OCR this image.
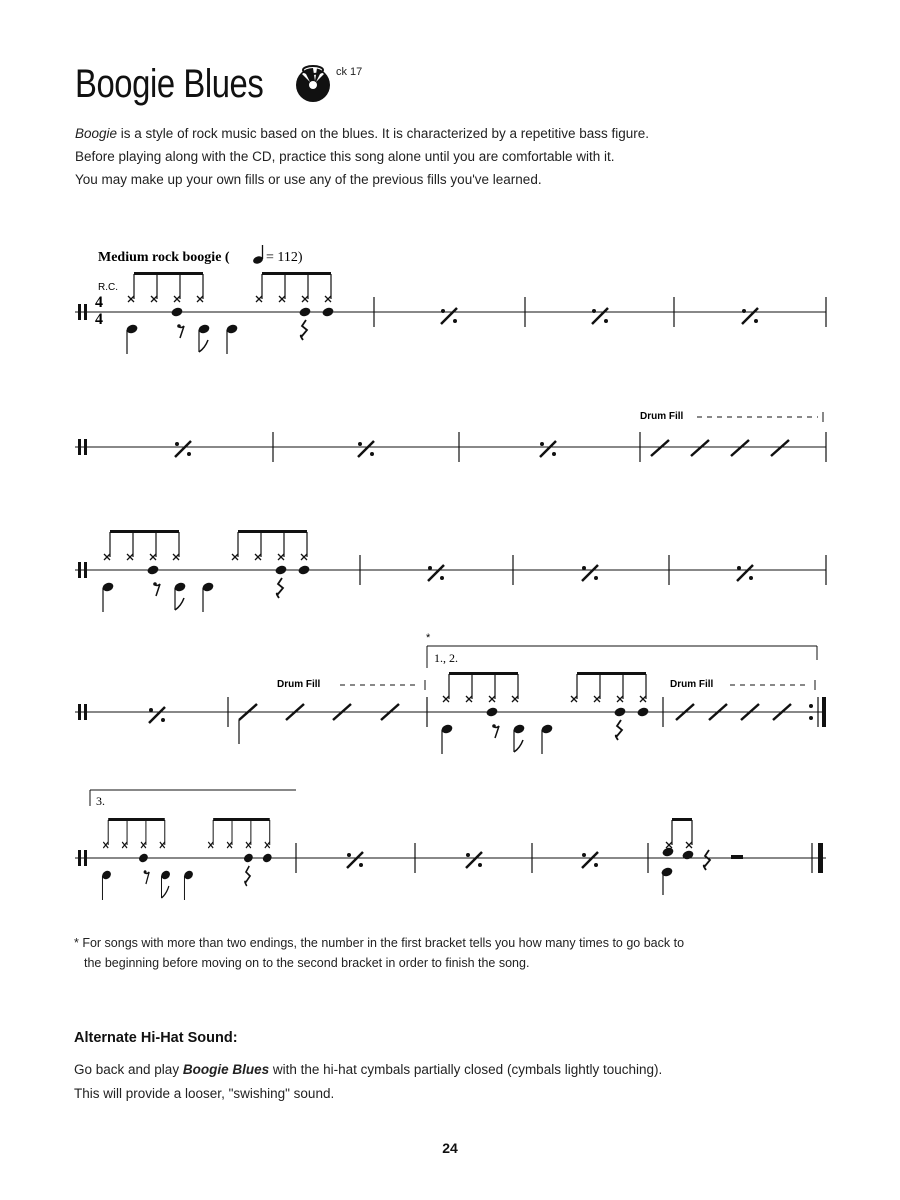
Boogie Blues	ck 17

Boogie is a style of rock music based on the blues. It is characterized by a repetitive bass figure.

Before playing along with the CD, practice this song alone until you are comfortable with it.

You may make up your own fills or use any of the previous fills you've learned.

Medium rock boogie (	= 112)
R.C.
4
4
Drum Fill
Drum Fill
*
1., 2.
Drum Fill
3.

* For songs with more than two endings, the number in the first bracket tells you how many times to go back to

the beginning before moving on to the second bracket in order to finish the song.

Alternate Hi-Hat Sound:

Go back and play Boogie Blues with the hi-hat cymbals partially closed (cymbals lightly touching).

This will provide a looser, "swishing" sound.

24
